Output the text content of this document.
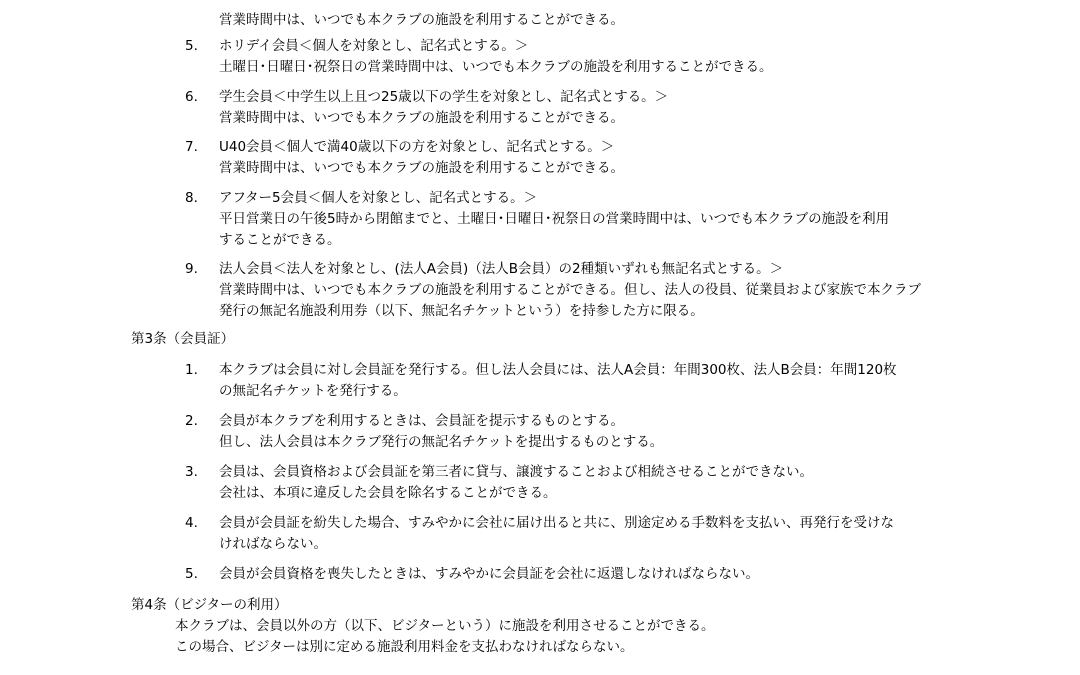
営業時間中は、いつでも本クラブの施設を利用することができる。
5.	ホリデイ会員＜個人を対象とし、記名式とする。＞
土曜日･日曜日･祝祭日の営業時間中は、いつでも本クラブの施設を利用することができる。
6.	学生会員＜中学生以上且つ25歳以下の学生を対象とし、記名式とする。＞
営業時間中は、いつでも本クラブの施設を利用することができる。
7.	U40会員＜個人で満40歳以下の方を対象とし、記名式とする。＞
営業時間中は、いつでも本クラブの施設を利用することができる。
8.	アフター5会員＜個人を対象とし、記名式とする。＞
平日営業日の午後5時から閉館までと、土曜日･日曜日･祝祭日の営業時間中は、いつでも本クラブの施設を利用
することができる。
9.	法人会員＜法人を対象とし、(法人A会員)（法人B会員）の2種類いずれも無記名式とする。＞
営業時間中は、いつでも本クラブの施設を利用することができる。但し、法人の役員、従業員および家族で本クラブ
発行の無記名施設利用券（以下、無記名チケットという）を持参した方に限る。
第3条（会員証）
1.	本クラブは会員に対し会員証を発行する。但し法人会員には、法人A会員：年間300枚、法人B会員：年間120枚
の無記名チケットを発行する。
2.	会員が本クラブを利用するときは、会員証を提示するものとする。
但し、法人会員は本クラブ発行の無記名チケットを提出するものとする。
3.	会員は、会員資格および会員証を第三者に貸与、譲渡することおよび相続させることができない。
会社は、本項に違反した会員を除名することができる。
4.	会員が会員証を紛失した場合、すみやかに会社に届け出ると共に、別途定める手数料を支払い、再発行を受けな
ければならない。
5.	会員が会員資格を喪失したときは、すみやかに会員証を会社に返還しなければならない。
第4条（ビジターの利用）
本クラブは、会員以外の方（以下、ビジターという）に施設を利用させることができる。
この場合、ビジターは別に定める施設利用料金を支払わなければならない。
